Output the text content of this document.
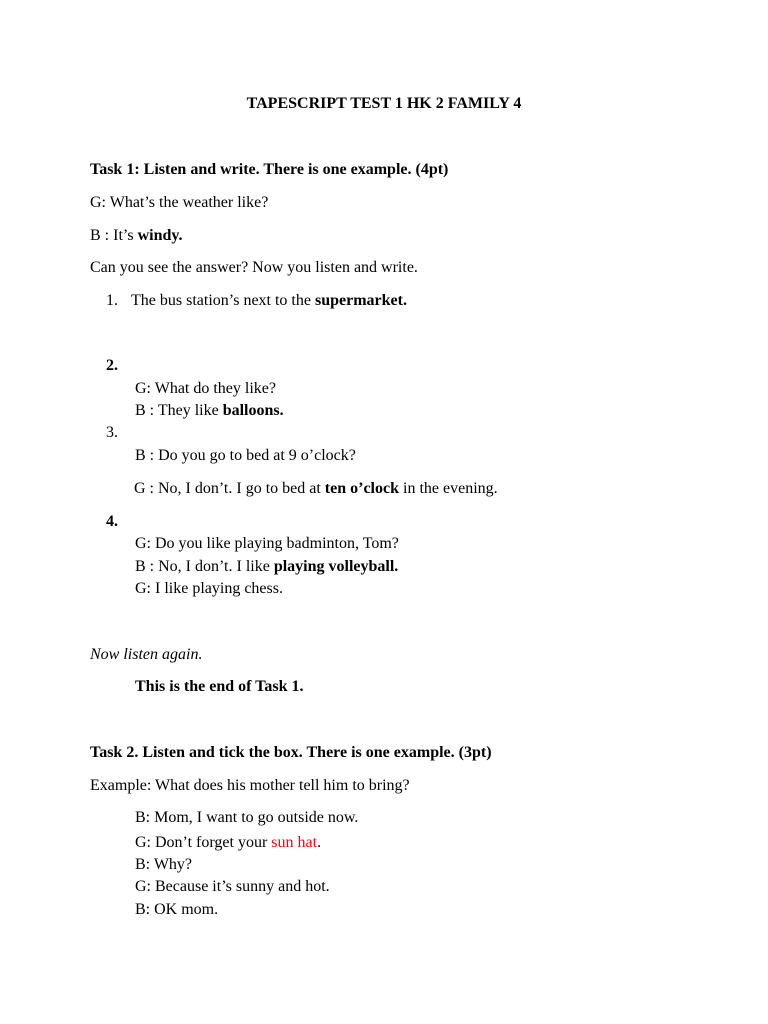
TAPESCRIPT TEST 1 HK 2 FAMILY 4
Task 1: Listen and write. There is one example. (4pt)
G: What’s the weather like?
B : It’s windy.
Can you see the answer? Now you listen and write.
1. The bus station’s next to the supermarket.
2.
G: What do they like?
B : They like balloons.
3.
B : Do you go to bed at 9 o’clock?
G : No, I don’t. I go to bed at ten o’clock in the evening.
4.
G: Do you like playing badminton, Tom?
B : No, I don’t. I like playing volleyball.
G: I like playing chess.
Now listen again.
This is the end of Task 1.
Task 2. Listen and tick the box. There is one example. (3pt)
Example: What does his mother tell him to bring?
B: Mom, I want to go outside now.
G: Don’t forget your sun hat.
B: Why?
G: Because it’s sunny and hot.
B: OK mom.
